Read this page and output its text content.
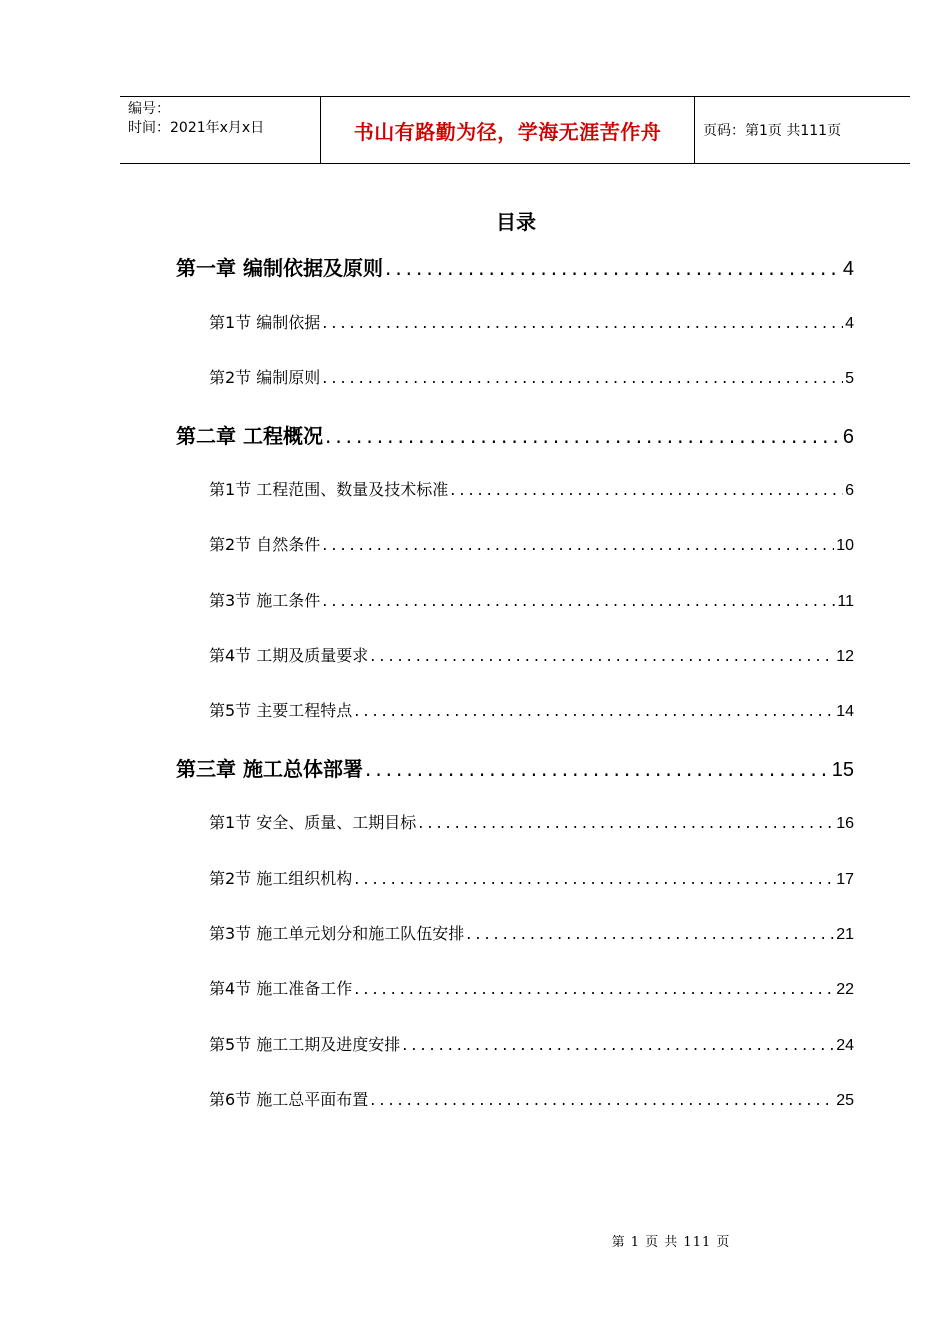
编号：
时间：2021年x月x日	书山有路勤为径，学海无涯苦作舟	页码：第1页 共111页
目录
第一章 编制依据及原则 .....	4
第1节 编制依据 .....	4
第2节 编制原则 .....	5
第二章 工程概况 .....	6
第1节 工程范围、数量及技术标准 .....	6
第2节 自然条件 .....	10
第3节 施工条件 .....	11
第4节 工期及质量要求 .....	12
第5节 主要工程特点 .....	14
第三章 施工总体部署 .....	15
第1节 安全、质量、工期目标 .....	16
第2节 施工组织机构 .....	17
第3节 施工单元划分和施工队伍安排 .....	21
第4节 施工准备工作 .....	22
第5节 施工工期及进度安排 .....	24
第6节 施工总平面布置 .....	25
第 1 页 共 111 页
